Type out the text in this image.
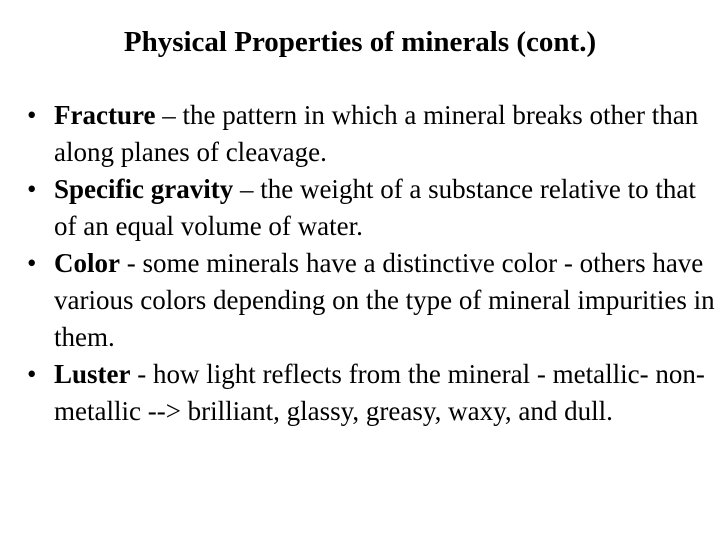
Physical Properties of minerals (cont.)
• Fracture – the pattern in which a mineral breaks other than along planes of cleavage.
• Specific gravity – the weight of a substance relative to that of an equal volume of water.
• Color - some minerals have a distinctive color - others have various colors depending on the type of mineral impurities in them.
• Luster - how light reflects from the mineral - metallic- non-metallic --> brilliant, glassy, greasy, waxy, and dull.
